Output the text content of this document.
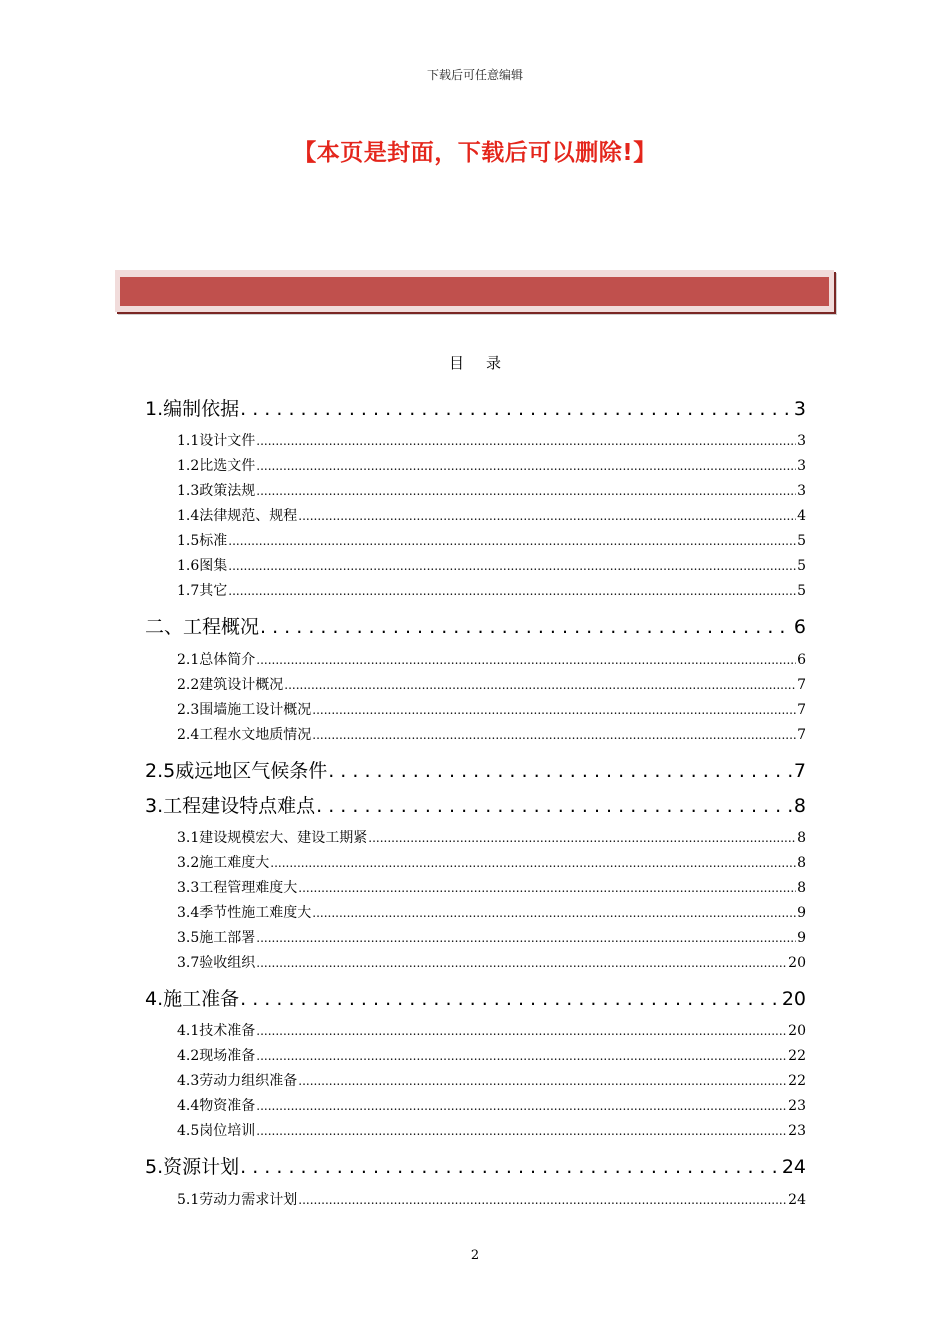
下载后可任意编辑
【本页是封面，下载后可以删除!】
目录
1.编制依据 . . .	3
1.1设计文件 .....	3
1.2比选文件 .....	3
1.3政策法规 .....	3
1.4法律规范、规程 .....	4
1.5标准 .....	5
1.6图集 .....	5
1.7其它 .....	5
二、工程概况 . . .	6
2.1总体简介 .....	6
2.2建筑设计概况 .....	7
2.3围墙施工设计概况 .....	7
2.4工程水文地质情况 .....	7
2.5威远地区气候条件 . . .	7
3.工程建设特点难点 . . .	8
3.1建设规模宏大、建设工期紧 .....	8
3.2施工难度大 .....	8
3.3工程管理难度大 .....	8
3.4季节性施工难度大 .....	9
3.5施工部署 .....	9
3.7验收组织 .....	20
4.施工准备 . . .	20
4.1技术准备 .....	20
4.2现场准备 .....	22
4.3劳动力组织准备 .....	22
4.4物资准备 .....	23
4.5岗位培训 .....	23
5.资源计划 . . .	24
5.1劳动力需求计划 .....	24
2
